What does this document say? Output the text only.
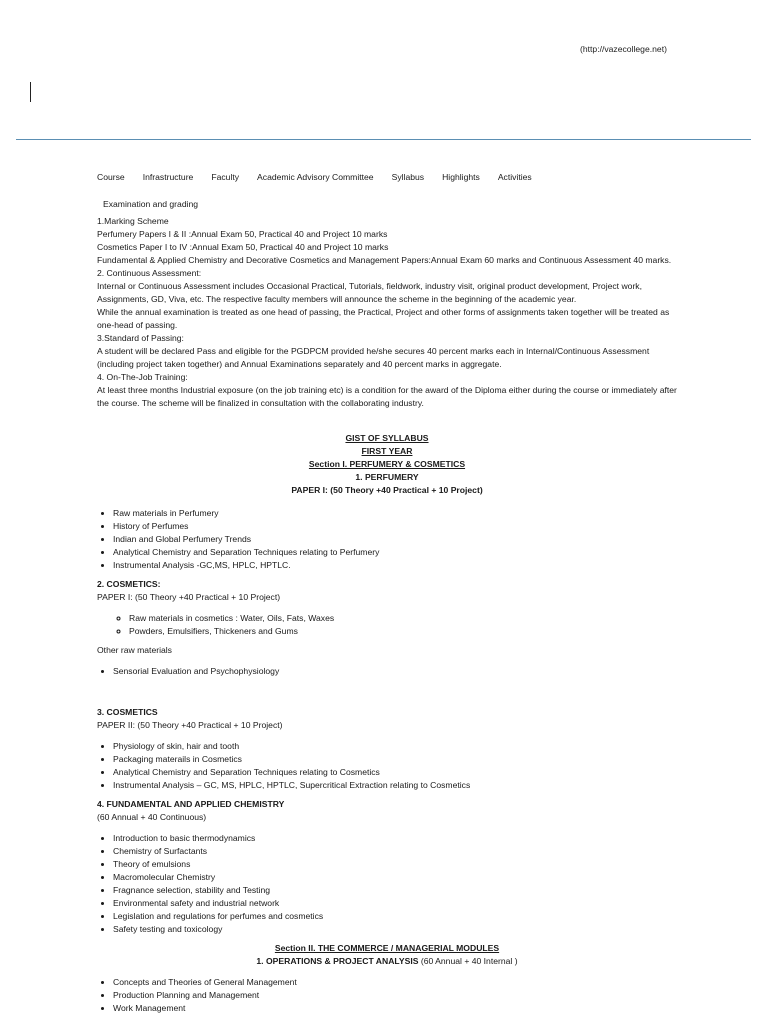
(http://vazecollege.net)
Course Infrastructure Faculty Academic Advisory Committee Syllabus Highlights Activities
Examination and grading

1.Marking Scheme

Perfumery Papers I & II :Annual Exam 50, Practical 40 and Project 10 marks

Cosmetics Paper I to IV :Annual Exam 50, Practical 40 and Project 10 marks

Fundamental & Applied Chemistry and Decorative Cosmetics and Management Papers:Annual Exam 60 marks and Continuous Assessment 40 marks.

2. Continuous Assessment:

Internal or Continuous Assessment includes Occasional Practical, Tutorials, fieldwork, industry visit, original product development, Project work, Assignments, GD, Viva, etc. The respective faculty members will announce the scheme in the beginning of the academic year.

While the annual examination is treated as one head of passing, the Practical, Project and other forms of assignments taken together will be treated as one-head of passing.

3.Standard of Passing:

A student will be declared Pass and eligible for the PGDPCM provided he/she secures 40 percent marks each in Internal/Continuous Assessment (including project taken together) and Annual Examinations separately and 40 percent marks in aggregate.

4. On-The-Job Training:

At least three months Industrial exposure (on the job training etc) is a condition for the award of the Diploma either during the course or immediately after the course. The scheme will be finalized in consultation with the collaborating industry.

GIST OF SYLLABUS

FIRST YEAR

Section I. PERFUMERY & COSMETICS

1. PERFUMERY

PAPER I: (50 Theory +40 Practical + 10 Project)

• Raw materials in Perfumery
• History of Perfumes
• Indian and Global Perfumery Trends
• Analytical Chemistry and Separation Techniques relating to Perfumery
• Instrumental Analysis -GC,MS, HPLC, HPTLC.

2. COSMETICS:

PAPER I: (50 Theory +40 Practical + 10 Project)

◦ Raw materials in cosmetics : Water, Oils, Fats, Waxes
◦ Powders, Emulsifiers, Thickeners and Gums

Other raw materials

• Sensorial Evaluation and Psychophysiology

3. COSMETICS

PAPER II: (50 Theory +40 Practical + 10 Project)

• Physiology of skin, hair and tooth
• Packaging materails in Cosmetics
• Analytical Chemistry and Separation Techniques relating to Cosmetics
• Instrumental Analysis – GC, MS, HPLC, HPTLC, Supercritical Extraction relating to Cosmetics

4. FUNDAMENTAL AND APPLIED CHEMISTRY

(60 Annual + 40 Continuous)

• Introduction to basic thermodynamics
• Chemistry of Surfactants
• Theory of emulsions
• Macromolecular Chemistry
• Fragnance selection, stability and Testing
• Environmental safety and industrial network
• Legislation and regulations for perfumes and cosmetics
• Safety testing and toxicology

Section II. THE COMMERCE / MANAGERIAL MODULES

1. OPERATIONS & PROJECT ANALYSIS (60 Annual + 40 Internal )

• Concepts and Theories of General Management
• Production Planning and Management
• Work Management
